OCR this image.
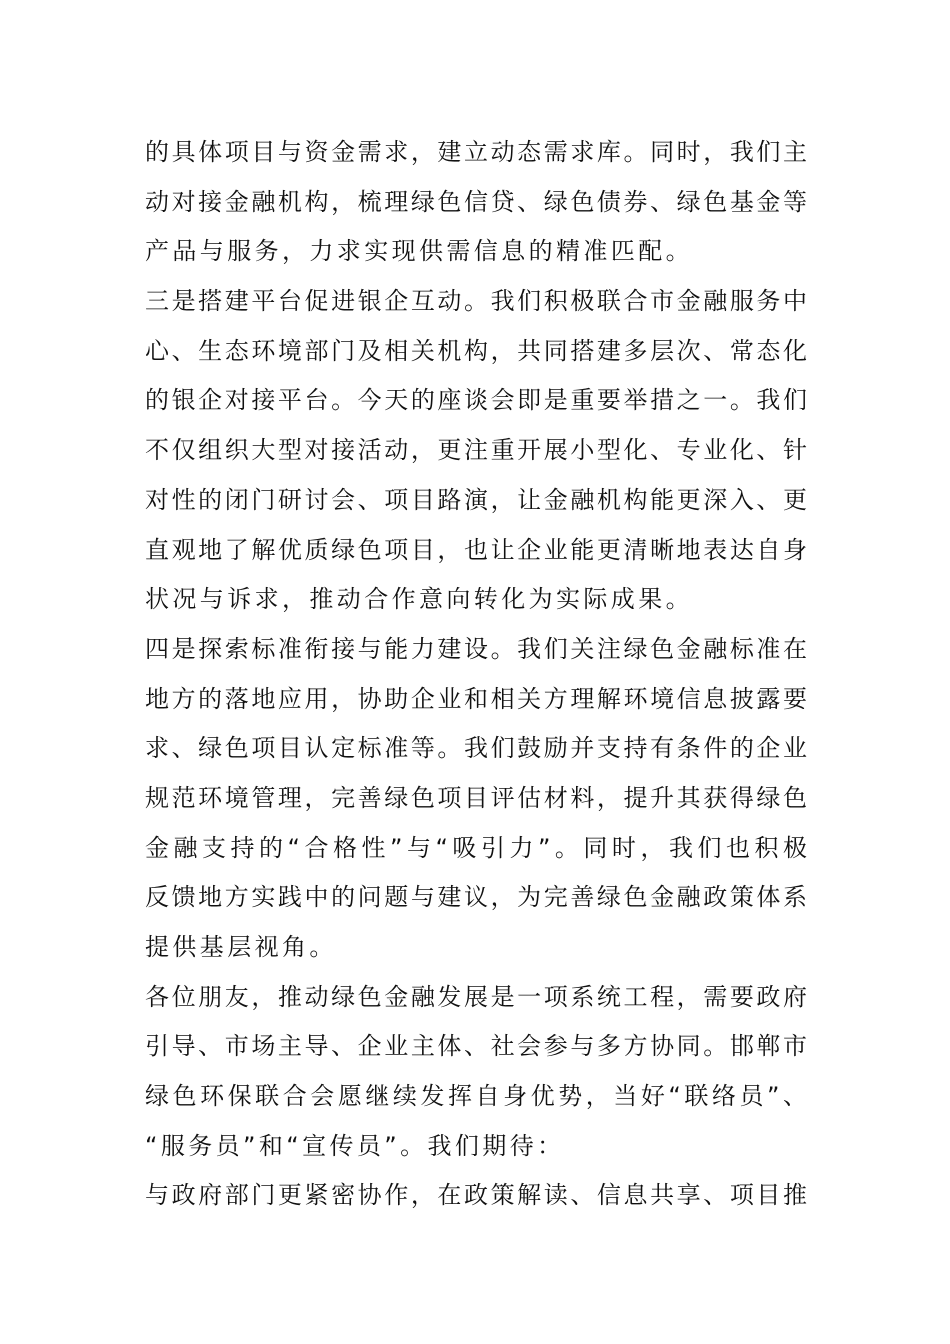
的具体项目与资金需求，建立动态需求库。同时，我们主
动对接金融机构，梳理绿色信贷、绿色债券、绿色基金等
产品与服务，力求实现供需信息的精准匹配。
三是搭建平台促进银企互动。我们积极联合市金融服务中
心、生态环境部门及相关机构，共同搭建多层次、常态化
的银企对接平台。今天的座谈会即是重要举措之一。我们
不仅组织大型对接活动，更注重开展小型化、专业化、针
对性的闭门研讨会、项目路演，让金融机构能更深入、更
直观地了解优质绿色项目，也让企业能更清晰地表达自身
状况与诉求，推动合作意向转化为实际成果。
四是探索标准衔接与能力建设。我们关注绿色金融标准在
地方的落地应用，协助企业和相关方理解环境信息披露要
求、绿色项目认定标准等。我们鼓励并支持有条件的企业
规范环境管理，完善绿色项目评估材料，提升其获得绿色
金融支持的“合格性”与“吸引力”。同时，我们也积极
反馈地方实践中的问题与建议，为完善绿色金融政策体系
提供基层视角。
各位朋友，推动绿色金融发展是一项系统工程，需要政府
引导、市场主导、企业主体、社会参与多方协同。邯郸市
绿色环保联合会愿继续发挥自身优势，当好“联络员”、
“服务员”和“宣传员”。我们期待：
与政府部门更紧密协作，在政策解读、信息共享、项目推
